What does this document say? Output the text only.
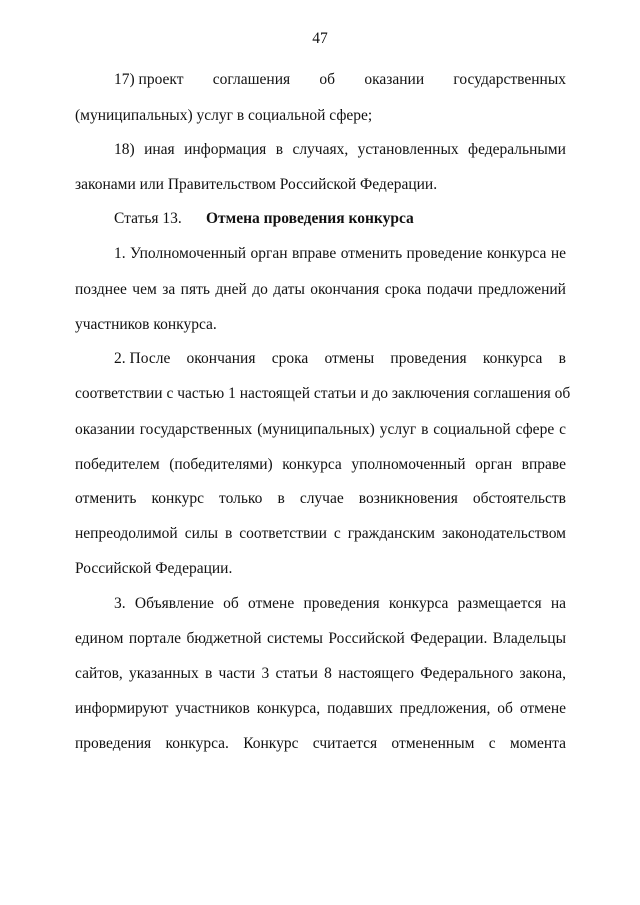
47
17) проект соглашения об оказании государственных
(муниципальных) услуг в социальной сфере;
18) иная информация в случаях, установленных федеральными
законами или Правительством Российской Федерации.
Статья 13. Отмена проведения конкурса
1. Уполномоченный орган вправе отменить проведение конкурса не
позднее чем за пять дней до даты окончания срока подачи предложений
участников конкурса.
2. После окончания срока отмены проведения конкурса в
соответствии с частью 1 настоящей статьи и до заключения соглашения об
оказании государственных (муниципальных) услуг в социальной сфере с
победителем (победителями) конкурса уполномоченный орган вправе
отменить конкурс только в случае возникновения обстоятельств
непреодолимой силы в соответствии с гражданским законодательством
Российской Федерации.
3. Объявление об отмене проведения конкурса размещается на
едином портале бюджетной системы Российской Федерации. Владельцы
сайтов, указанных в части 3 статьи 8 настоящего Федерального закона,
информируют участников конкурса, подавших предложения, об отмене
проведения конкурса. Конкурс считается отмененным с момента
